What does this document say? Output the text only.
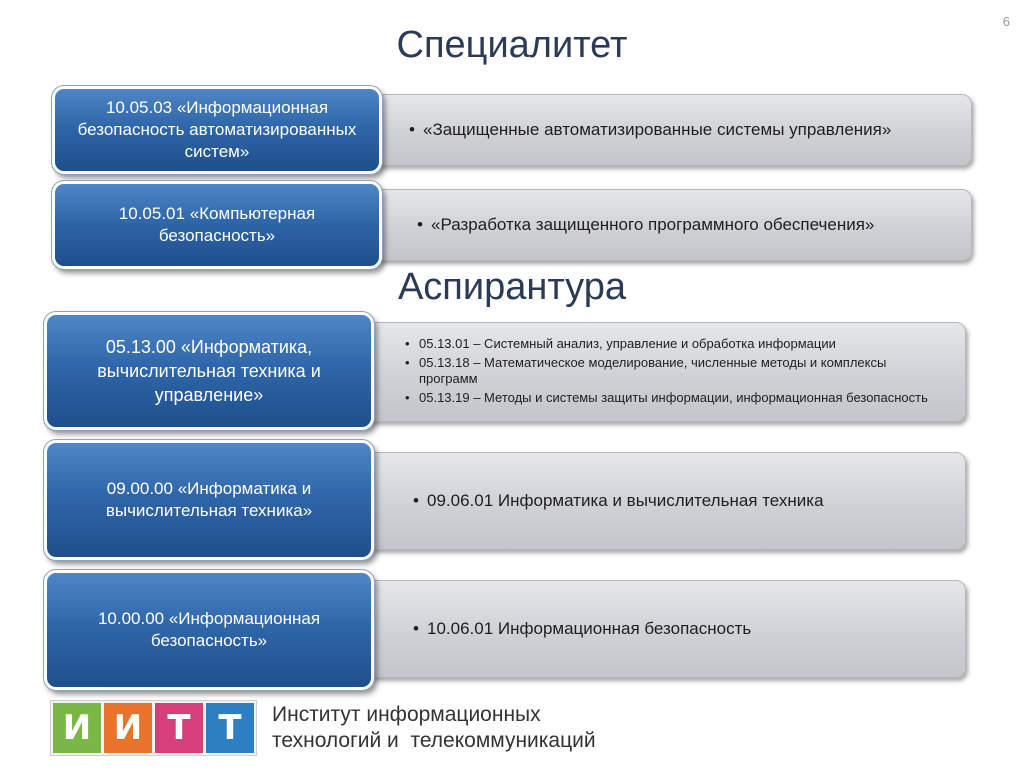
6
Специалитет
• «Защищенные автоматизированные системы управления»
10.05.03 «Информационная безопасность автоматизированных систем»
• «Разработка защищенного программного обеспечения»
10.05.01 «Компьютерная безопасность»
Аспирантура
• 05.13.01 – Системный анализ, управление и обработка информации
• 05.13.18 – Математическое моделирование, численные методы и комплексы программ
• 05.13.19 – Методы и системы защиты информации, информационная безопасность
05.13.00 «Информатика, вычислительная техника и управление»
• 09.06.01 Информатика и вычислительная техника
09.00.00 «Информатика и вычислительная техника»
• 10.06.01 Информационная безопасность
10.00.00 «Информационная безопасность»
И И Т Т	Институт информационных
технологий и  телекоммуникаций
